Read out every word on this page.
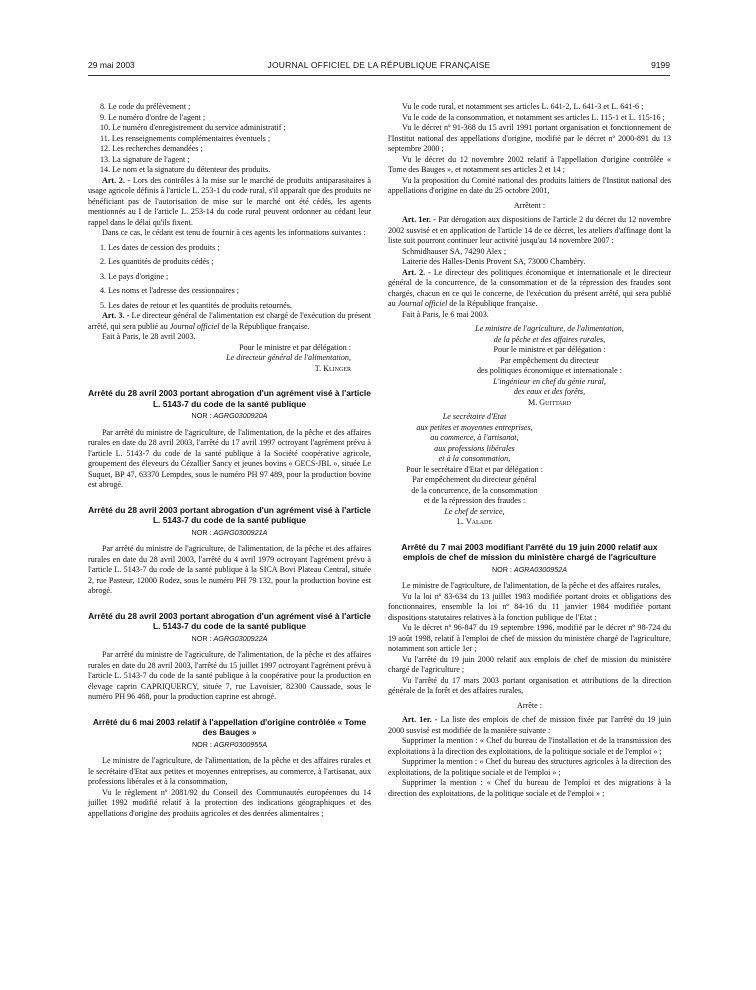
29 mai 2003	JOURNAL OFFICIEL DE LA RÉPUBLIQUE FRANÇAISE	9199

8. Le code du prélèvement ;

9. Le numéro d'ordre de l'agent ;

10. Le numéro d'enregistrement du service administratif ;

11. Les renseignements complémentaires éventuels ;

12. Les recherches demandées ;

13. La signature de l'agent ;

14. Le nom et la signature du détenteur des produits.

Art. 2. - Lors des contrôles à la mise sur le marché de produits antiparasitaires à usage agricole définis à l'article L. 253-1 du code rural, s'il apparaît que des produits ne bénéficiant pas de l'autorisation de mise sur le marché ont été cédés, les agents mentionnés au I de l'article L. 253-14 du code rural peuvent ordonner au cédant leur rappel dans le délai qu'ils fixent.

Dans ce cas, le cédant est tenu de fournir à ces agents les informations suivantes :

1. Les dates de cession des produits ;

2. Les quantités de produits cédés ;

3. Le pays d'origine ;

4. Les noms et l'adresse des cessionnaires ;

5. Les dates de retour et les quantités de produits retournés.

Art. 3. - Le directeur général de l'alimentation est chargé de l'exécution du présent arrêté, qui sera publié au Journal officiel de la République française.

Fait à Paris, le 28 avril 2003.

Pour le ministre et par délégation :

Le directeur général de l'alimentation,

T. Klinger

Arrêté du 28 avril 2003 portant abrogation d'un agrément visé à l'article L. 5143-7 du code de la santé publique

NOR : AGRG0300920A

Par arrêté du ministre de l'agriculture, de l'alimentation, de la pêche et des affaires rurales en date du 28 avril 2003, l'arrêté du 17 avril 1997 octroyant l'agrément prévu à l'article L. 5143-7 du code de la santé publique à la Société coopérative agricole, groupement des éleveurs du Cézallier Sancy et jeunes bovins « GECS-JBL », située Le Suquet, BP 47, 63370 Lempdes, sous le numéro PH 97 489, pour la production bovine est abrogé.

Arrêté du 28 avril 2003 portant abrogation d'un agrément visé à l'article L. 5143-7 du code de la santé publique

NOR : AGRG0300921A

Par arrêté du ministre de l'agriculture, de l'alimentation, de la pêche et des affaires rurales en date du 28 avril 2003, l'arrêté du 4 avril 1979 octroyant l'agrément prévu à l'article L. 5143-7 du code de la santé publique à la SICA Bovi Plateau Central, située 2, rue Pasteur, 12000 Rodez, sous le numéro PH 79 132, pour la production bovine est abrogé.

Arrêté du 28 avril 2003 portant abrogation d'un agrément visé à l'article L. 5143-7 du code de la santé publique

NOR : AGRG0300922A

Par arrêté du ministre de l'agriculture, de l'alimentation, de la pêche et des affaires rurales en date du 28 avril 2003, l'arrêté du 15 juillet 1997 octroyant l'agrément prévu à l'article L. 5143-7 du code de la santé publique à la coopérative pour la production en élevage caprin CAPRIQUERCY, située 7, rue Lavoisier, 82300 Caussade, sous le numéro PH 96 468, pour la production caprine est abrogé.

Arrêté du 6 mai 2003 relatif à l'appellation d'origine contrôlée « Tome des Bauges »

NOR : AGRP0300955A

Le ministre de l'agriculture, de l'alimentation, de la pêche et des affaires rurales et le secrétaire d'Etat aux petites et moyennes entreprises, au commerce, à l'artisanat, aux professions libérales et à la consommation,

Vu le règlement nº 2081/92 du Conseil des Communautés européennes du 14 juillet 1992 modifié relatif à la protection des indications géographiques et des appellations d'origine des produits agricoles et des denrées alimentaires ;

Vu le code rural, et notamment ses articles L. 641-2, L. 641-3 et L. 641-6 ;

Vu le code de la consommation, et notamment ses articles L. 115-1 et L. 115-16 ;

Vu le décret nº 91-368 du 15 avril 1991 portant organisation et fonctionnement de l'Institut national des appellations d'origine, modifié par le décret nº 2000-891 du 13 septembre 2000 ;

Vu le décret du 12 novembre 2002 relatif à l'appellation d'origine contrôlée « Tome des Bauges », et notamment ses articles 2 et 14 ;

Vu la proposition du Comité national des produits laitiers de l'Institut national des appellations d'origine en date du 25 octobre 2001,

Arrêtent :

Art. 1er. - Par dérogation aux dispositions de l'article 2 du décret du 12 novembre 2002 susvisé et en application de l'article 14 de ce décret, les ateliers d'affinage dont la liste suit pourront continuer leur activité jusqu'au 14 novembre 2007 :

Schmidhauser SA, 74290 Alex ;

Laiterie des Halles-Denis Provent SA, 73000 Chambéry.

Art. 2. - Le directeur des politiques économique et internationale et le directeur général de la concurrence, de la consommation et de la répression des fraudes sont chargés, chacun en ce qui le concerne, de l'exécution du présent arrêté, qui sera publié au Journal officiel de la République française.

Fait à Paris, le 6 mai 2003.

Le ministre de l'agriculture, de l'alimentation,

de la pêche et des affaires rurales,

Pour le ministre et par délégation :

Par empêchement du directeur

des politiques économique et internationale :

L'ingénieur en chef du génie rural,

des eaux et des forêts,

M. Guittard

Le secrétaire d'Etat

aux petites et moyennes entreprises,

au commerce, à l'artisanat,

aux professions libérales

et à la consommation,

Pour le secrétaire d'Etat et par délégation :

Par empêchement du directeur général

de la concurrence, de la consommation

et de la répression des fraudes :

Le chef de service,

L. Valade

Arrêté du 7 mai 2003 modifiant l'arrêté du 19 juin 2000 relatif aux emplois de chef de mission du ministère chargé de l'agriculture

NOR : AGRA0300952A

Le ministre de l'agriculture, de l'alimentation, de la pêche et des affaires rurales,

Vu la loi nº 83-634 du 13 juillet 1983 modifiée portant droits et obligations des fonctionnaires, ensemble la loi nº 84-16 du 11 janvier 1984 modifiée portant dispositions statutaires relatives à la fonction publique de l'Etat ;

Vu le décret nº 96-847 du 19 septembre 1996, modifié par le décret nº 98-724 du 19 août 1998, relatif à l'emploi de chef de mission du ministère chargé de l'agriculture, notamment son article 1er ;

Vu l'arrêté du 19 juin 2000 relatif aux emplois de chef de mission du ministère chargé de l'agriculture ;

Vu l'arrêté du 17 mars 2003 portant organisation et attributions de la direction générale de la forêt et des affaires rurales,

Arrête :

Art. 1er. - La liste des emplois de chef de mission fixée par l'arrêté du 19 juin 2000 susvisé est modifiée de la manière suivante :

Supprimer la mention : « Chef du bureau de l'installation et de la transmission des exploitations à la direction des exploitations, de la politique sociale et de l'emploi » ;

Supprimer la mention : « Chef du bureau des structures agricoles à la direction des exploitations, de la politique sociale et de l'emploi » ;

Supprimer la mention : « Chef du bureau de l'emploi et des migrations à la direction des exploitations, de la politique sociale et de l'emploi » ;
